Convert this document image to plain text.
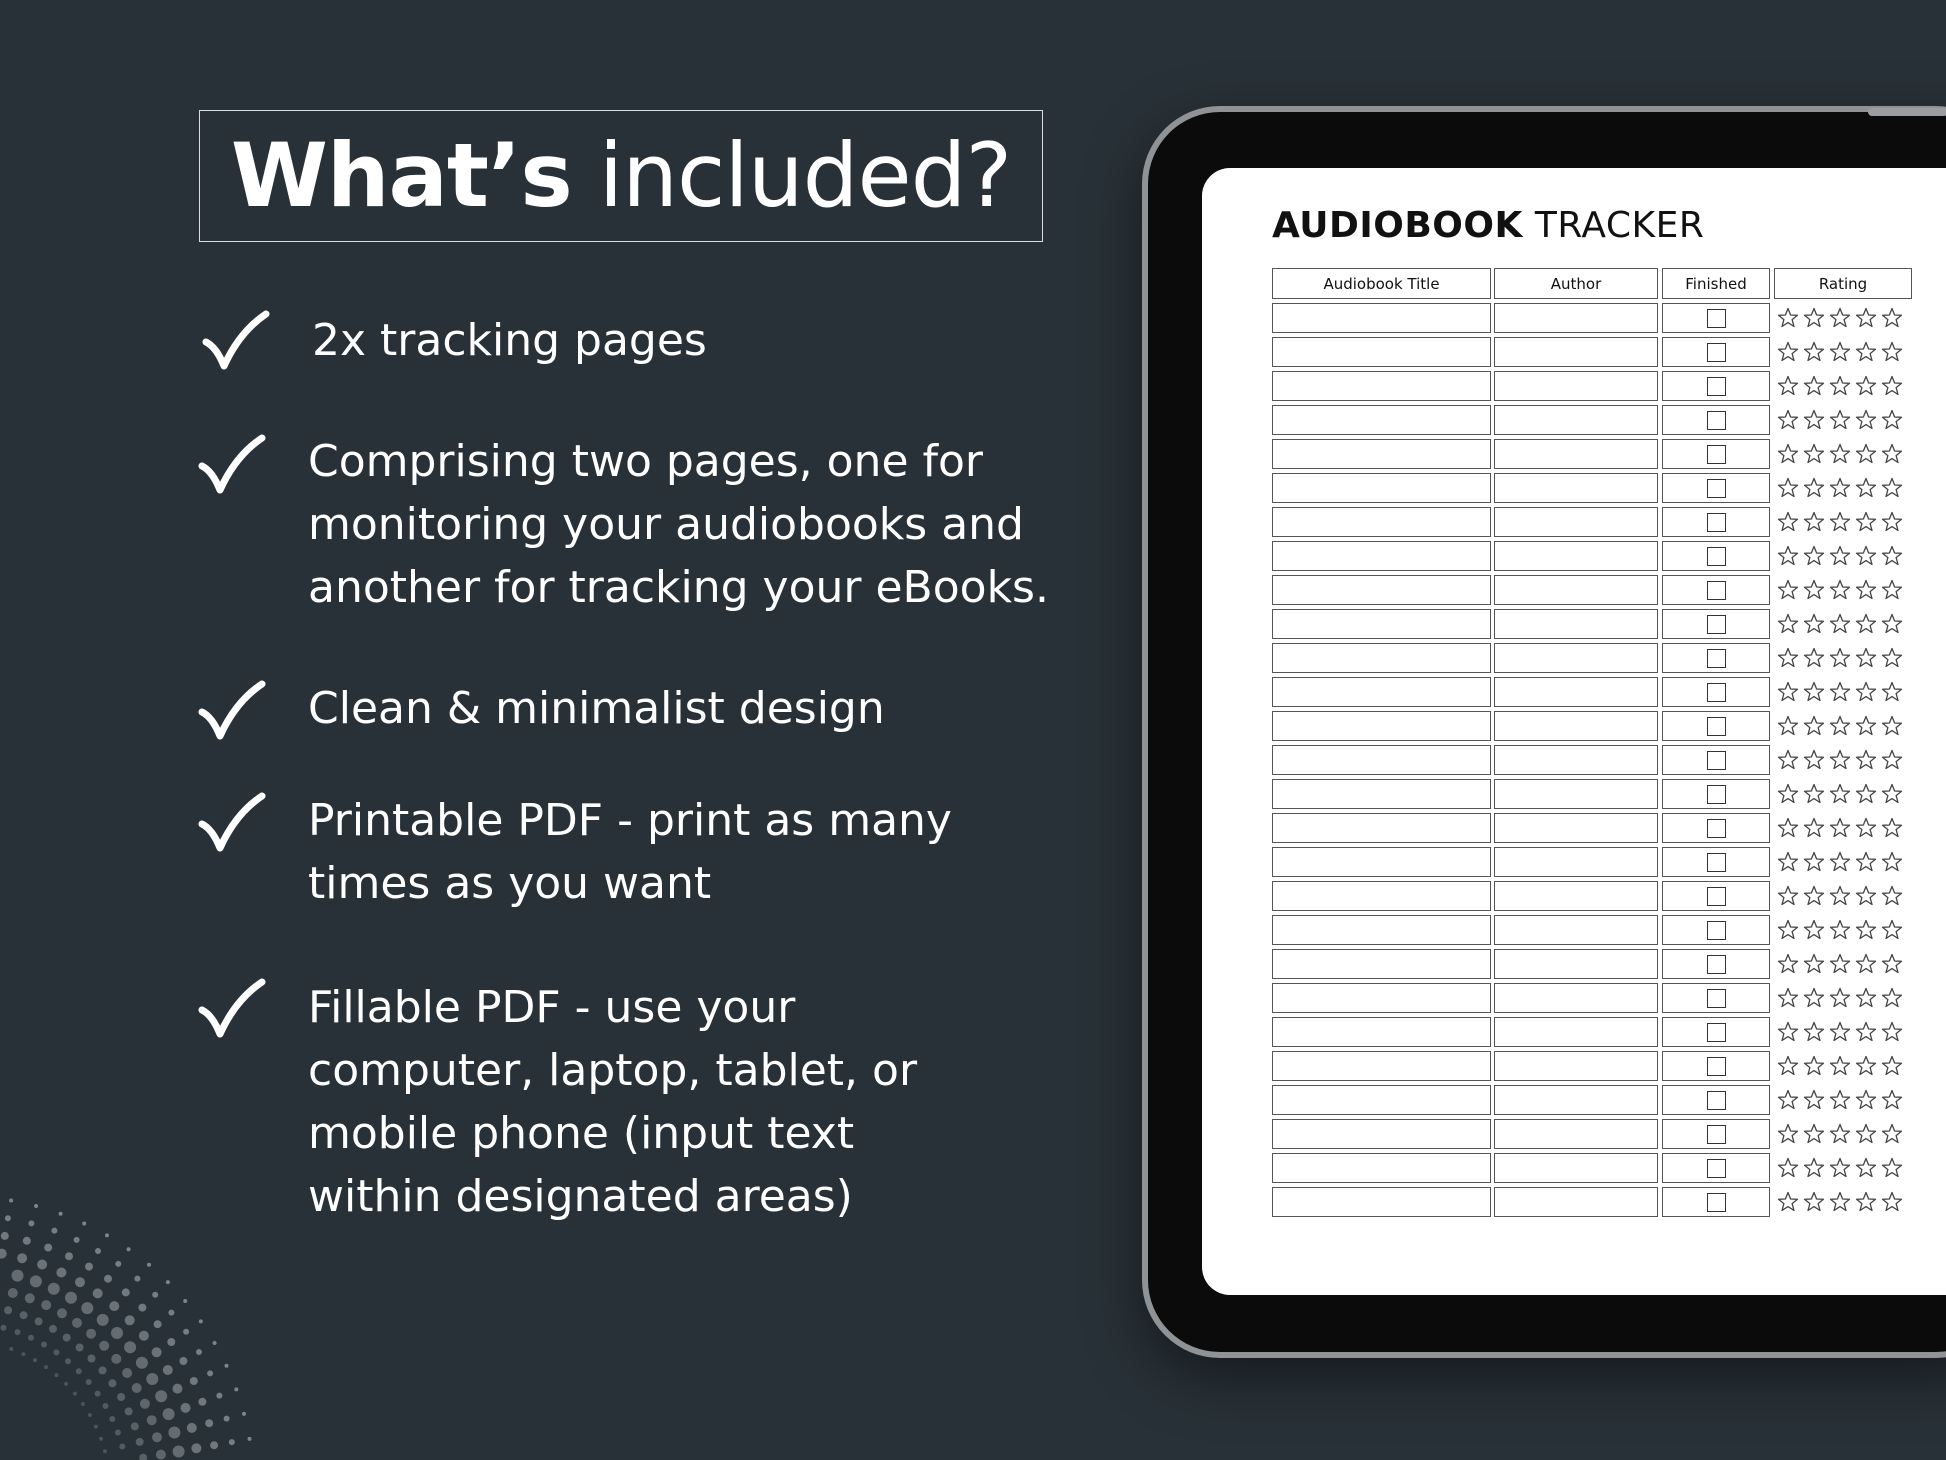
What’s
included?
2x tracking pages
Comprising two pages, one for
monitoring your audiobooks and
another for tracking your eBooks.
Clean & minimalist design
Printable PDF - print as many
times as you want
Fillable PDF - use your
computer, laptop, tablet, or
mobile phone (input text
within designated areas)
AUDIOBOOK TRACKER
Audiobook Title	Author	Finished	Rating
